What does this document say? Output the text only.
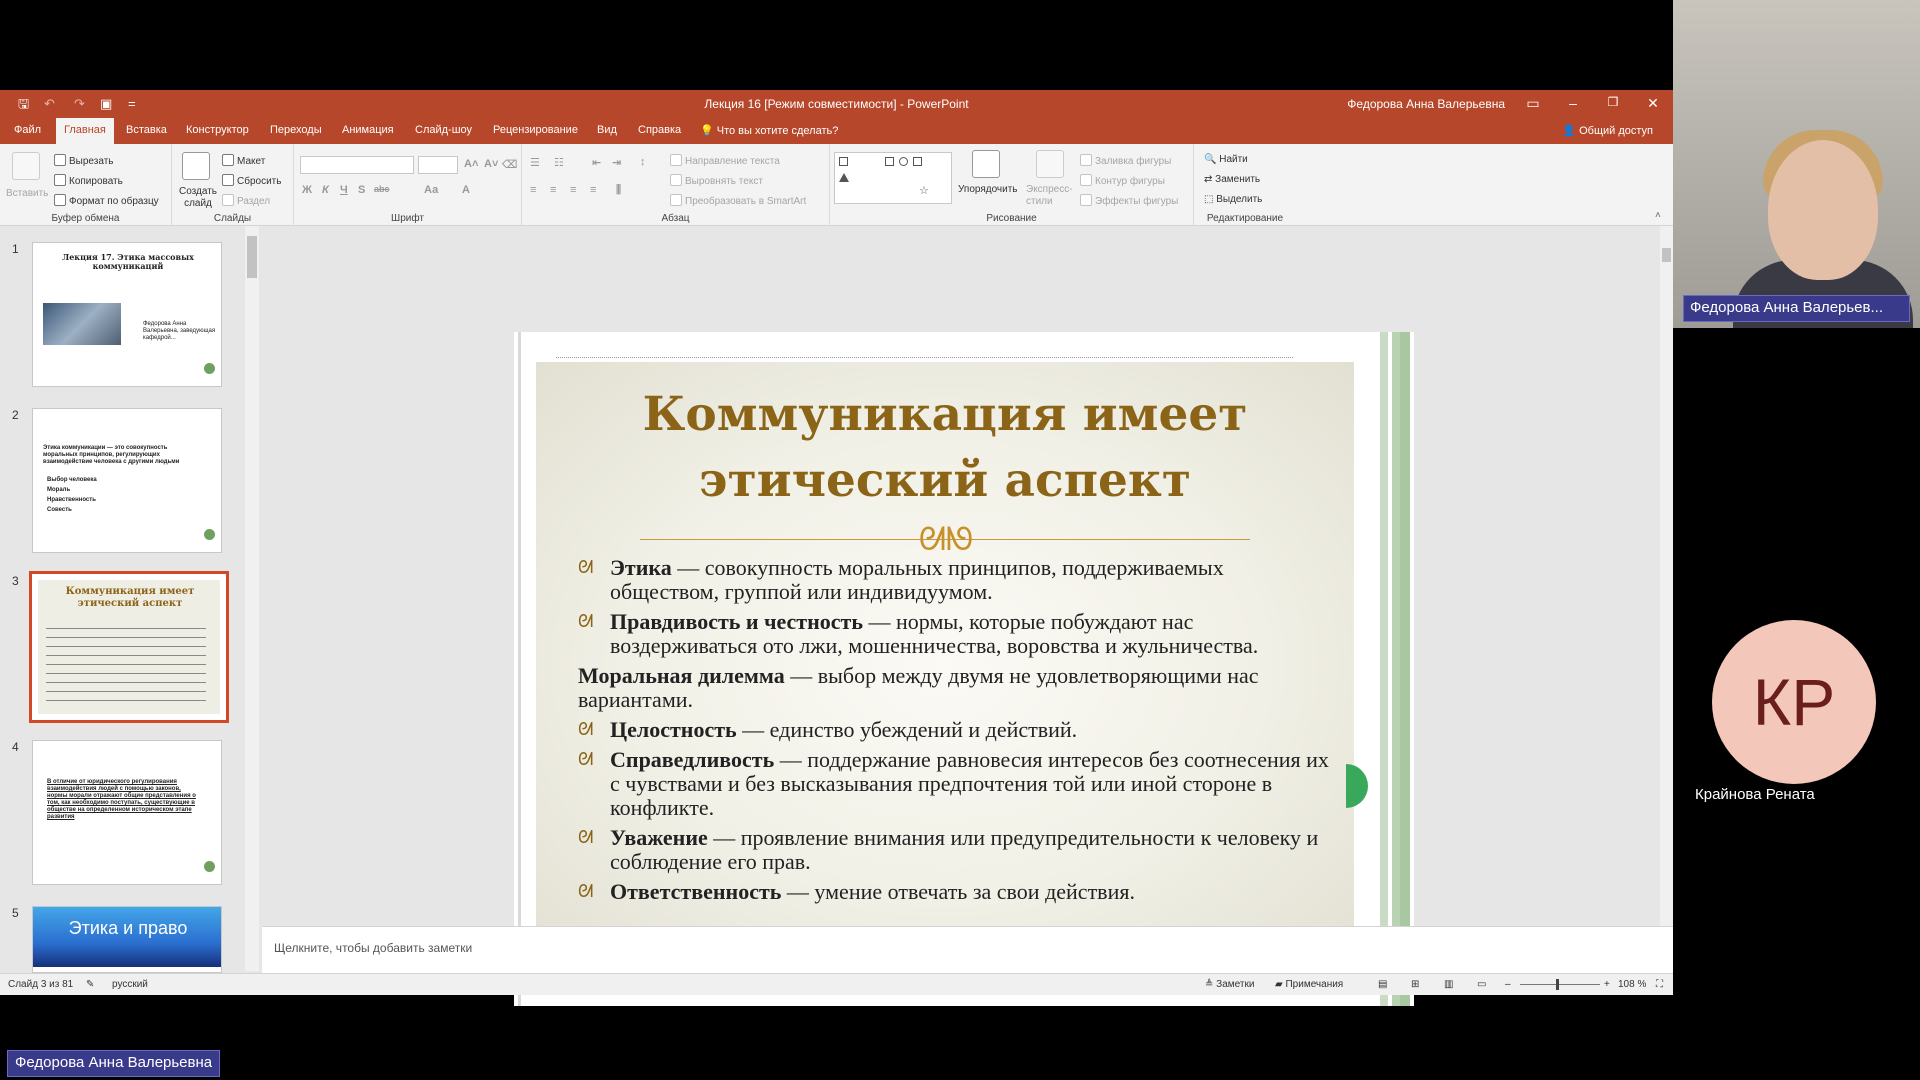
🖫 ↶ ↷ ▣ =	Лекция 16 [Режим совместимости] - PowerPoint	Федорова Анна Валерьевна ▭	–	❐	✕
Файл	Главная	Вставка Конструктор Переходы Анимация Слайд-шоу Рецензирование Вид Справка 💡 Что вы хотите сделать?	👤 Общий доступ
Вставить
Вырезать
Копировать
Формат по образцу
Буфер обмена
Создать слайд
Макет
Сбросить
Раздел
Слайды
A˄ A˅ ⌫
Ж К Ч S abc	Аа A
Шрифт
☰ ☷	⇤ ⇥ ↕
≡ ≡ ≡ ≡ ⫼
Направление текста
Выровнять текст
Преобразовать в SmartArt
Абзац
☆	Упорядочить Экспресс-стили
Заливка фигуры
Контур фигуры
Эффекты фигуры
Рисование
🔍 Найти
⇄ Заменить
⬚ Выделить
Редактирование	˄
1
Лекция 17. Этика массовых коммуникаций
Федорова Анна Валерьевна, заведующая кафедрой...
2
Этика коммуникации — это совокупность моральных принципов, регулирующих взаимодействие человека с другими людьми
Выбор человека
Мораль
Нравственность
Совесть
3
Коммуникация имеет этический аспект
4
В отличие от юридического регулирования взаимодействия людей с помощью законов, нормы морали отражают общие представления о том, как необходимо поступать, существующие в обществе на определенном историческом этапе развития
5
Этика и право
Различие	Сходство морали и права
Коммуникация имеет
этический аспект
ᘛᘚ
ᘛ Этика — совокупность моральных принципов, поддерживаемых обществом, группой или индивидуумом.
ᘛ Правдивость и честность — нормы, которые побуждают нас воздерживаться ото лжи, мошенничества, воровства и жульничества.
Моральная дилемма — выбор между двумя не удовлетворяющими нас вариантами.
ᘛ Целостность — единство убеждений и действий.
ᘛ Справедливость — поддержание равновесия интересов без соотнесения их с чувствами и без высказывания предпочтения той или иной стороне в конфликте.
ᘛ Уважение — проявление внимания или предупредительности к человеку и соблюдение его прав.
ᘛ Ответственность — умение отвечать за свои действия.
Щелкните, чтобы добавить заметки
Слайд 3 из 81 ✎ русский	≜ Заметки ▰ Примечания	▤ ⊞ ▥ ▭ –	+ 108 % ⛶
Федорова Анна Валерьев...
КР
Крайнова Рената
Федорова Анна Валерьевна
